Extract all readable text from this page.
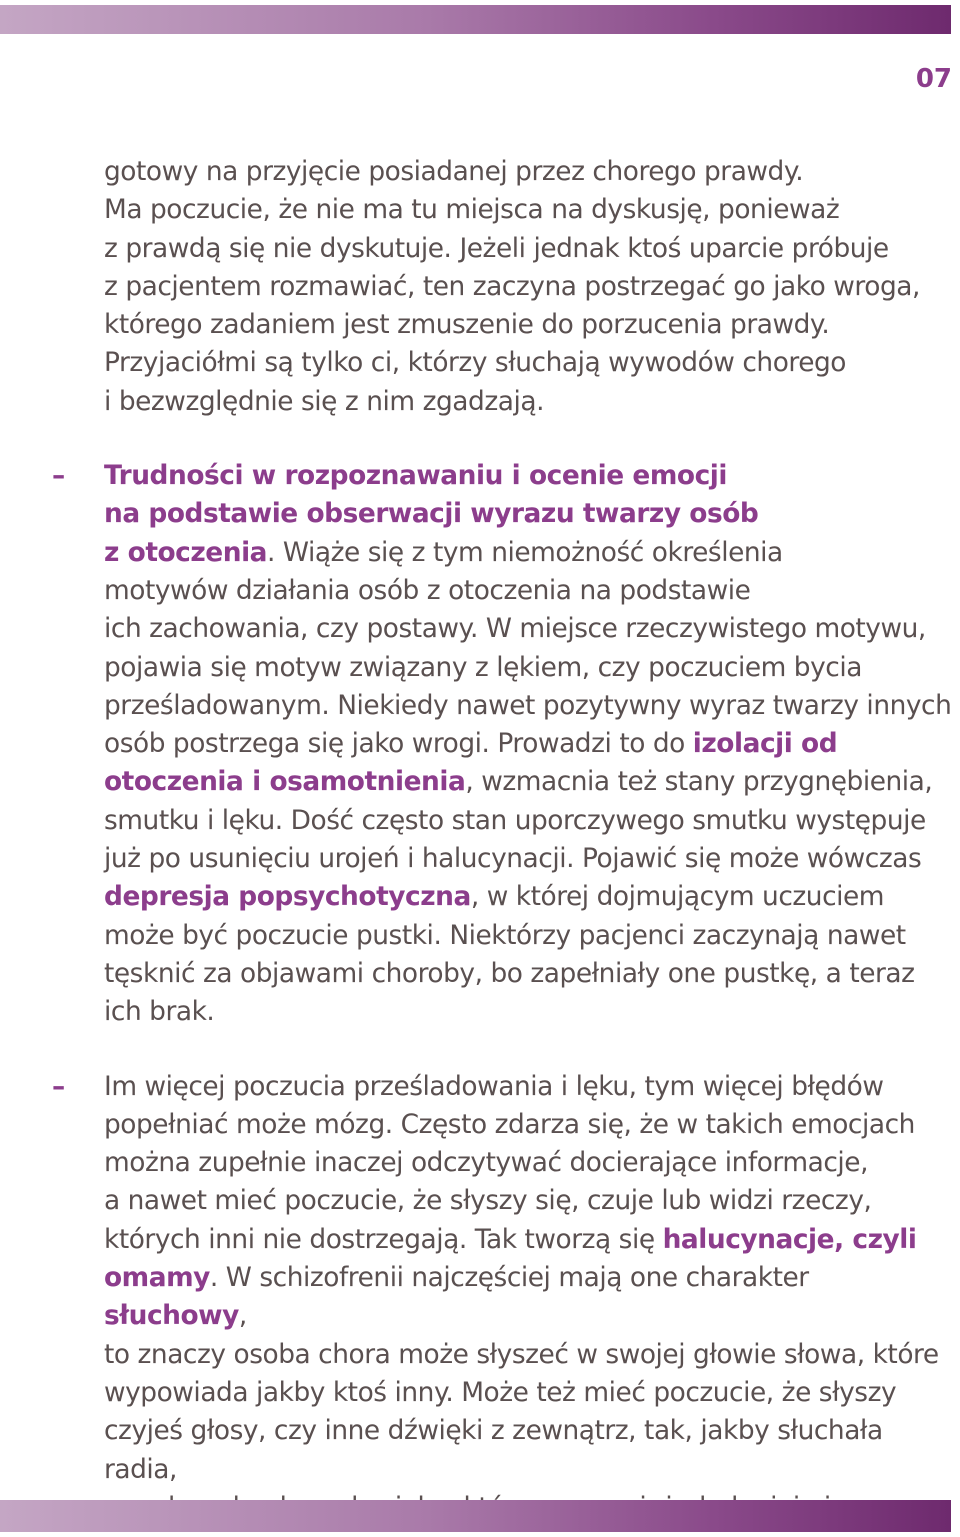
07

gotowy na przyjęcie posiadanej przez chorego prawdy.
Ma poczucie, że nie ma tu miejsca na dyskusję, ponieważ
z prawdą się nie dyskutuje. Jeżeli jednak ktoś uparcie próbuje
z pacjentem rozmawiać, ten zaczyna postrzegać go jako wroga,
którego zadaniem jest zmuszenie do porzucenia prawdy.
Przyjaciółmi są tylko ci, którzy słuchają wywodów chorego
i bezwzględnie się z nim zgadzają.

– Trudności w rozpoznawaniu i ocenie emocji
na podstawie obserwacji wyrazu twarzy osób
z otoczenia. Wiąże się z tym niemożność określenia
motywów działania osób z otoczenia na podstawie
ich zachowania, czy postawy. W miejsce rzeczywistego motywu,
pojawia się motyw związany z lękiem, czy poczuciem bycia
prześladowanym. Niekiedy nawet pozytywny wyraz twarzy innych
osób postrzega się jako wrogi. Prowadzi to do izolacji od
otoczenia i osamotnienia, wzmacnia też stany przygnębienia,
smutku i lęku. Dość często stan uporczywego smutku występuje
już po usunięciu urojeń i halucynacji. Pojawić się może wówczas
depresja popsychotyczna, w której dojmującym uczuciem
może być poczucie pustki. Niektórzy pacjenci zaczynają nawet
tęsknić za objawami choroby, bo zapełniały one pustkę, a teraz
ich brak.

– Im więcej poczucia prześladowania i lęku, tym więcej błędów
popełniać może mózg. Często zdarza się, że w takich emocjach
można zupełnie inaczej odczytywać docierające informacje,
a nawet mieć poczucie, że słyszy się, czuje lub widzi rzeczy,
których inni nie dostrzegają. Tak tworzą się halucynacje, czyli
omamy. W schizofrenii najczęściej mają one charakter słuchowy,
to znaczy osoba chora może słyszeć w swojej głowie słowa, które
wypowiada jakby ktoś inny. Może też mieć poczucie, że słyszy
czyjeś głosy, czy inne dźwięki z zewnątrz, tak, jakby słuchała radia,
